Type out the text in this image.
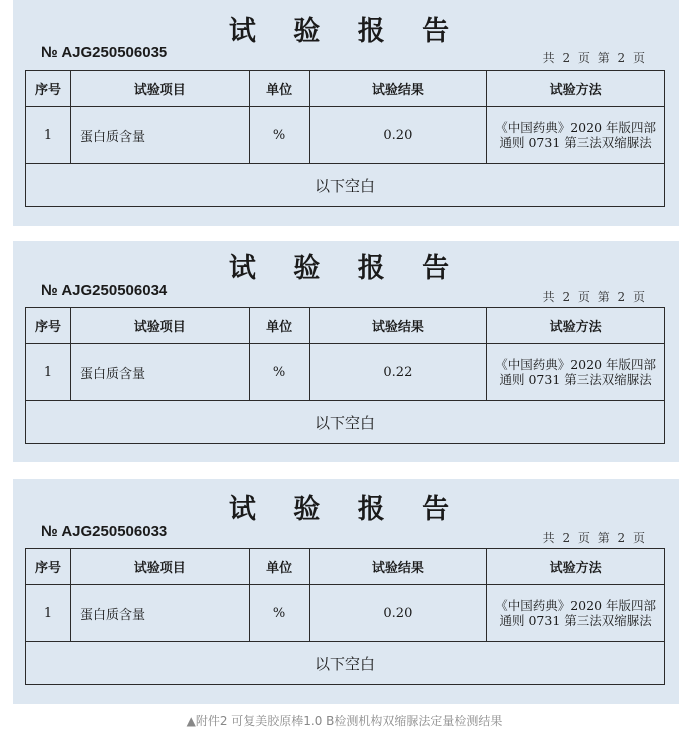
试 验 报 告
№ AJG250506035	共 2 页 第 2 页
序号	试验项目	单位	试验结果	试验方法
1	蛋白质含量	%	0.20	《中国药典》2020 年版四部通则 0731 第三法双缩脲法
以下空白				
试 验 报 告
№ AJG250506034	共 2 页 第 2 页
序号	试验项目	单位	试验结果	试验方法
1	蛋白质含量	%	0.22	《中国药典》2020 年版四部通则 0731 第三法双缩脲法
以下空白				
试 验 报 告
№ AJG250506033	共 2 页 第 2 页
序号	试验项目	单位	试验结果	试验方法
1	蛋白质含量	%	0.20	《中国药典》2020 年版四部通则 0731 第三法双缩脲法
以下空白				
▲附件2 可复美胶原棒1.0 B检测机构双缩脲法定量检测结果
